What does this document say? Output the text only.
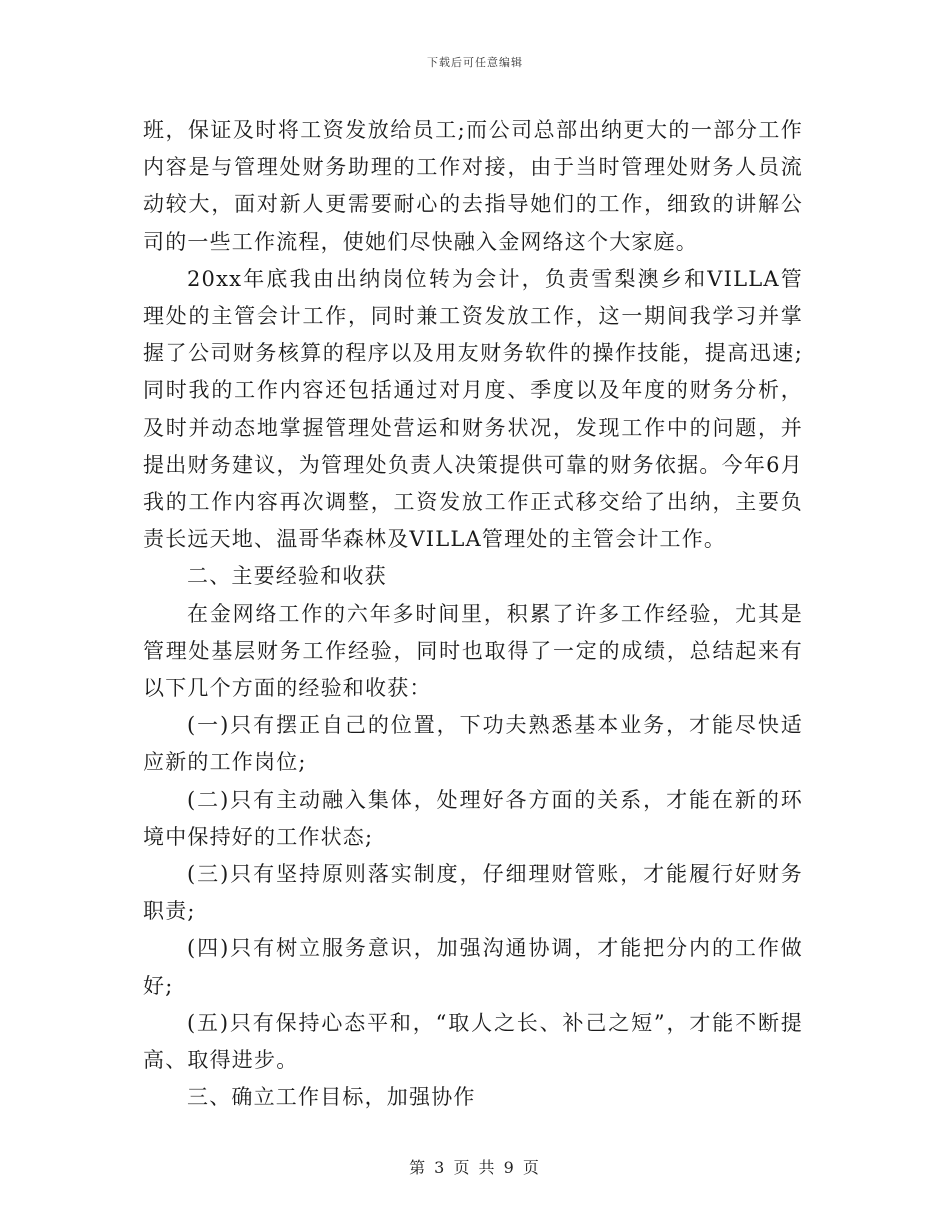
下载后可任意编辑

班，保证及时将工资发放给员工;而公司总部出纳更大的一部分工作内容是与管理处财务助理的工作对接，由于当时管理处财务人员流动较大，面对新人更需要耐心的去指导她们的工作，细致的讲解公司的一些工作流程，使她们尽快融入金网络这个大家庭。

20xx年底我由出纳岗位转为会计，负责雪梨澳乡和VILLA管理处的主管会计工作，同时兼工资发放工作，这一期间我学习并掌握了公司财务核算的程序以及用友财务软件的操作技能，提高迅速;同时我的工作内容还包括通过对月度、季度以及年度的财务分析，及时并动态地掌握管理处营运和财务状况，发现工作中的问题，并提出财务建议，为管理处负责人决策提供可靠的财务依据。今年6月我的工作内容再次调整，工资发放工作正式移交给了出纳，主要负责长远天地、温哥华森林及VILLA管理处的主管会计工作。

二、主要经验和收获

在金网络工作的六年多时间里，积累了许多工作经验，尤其是管理处基层财务工作经验，同时也取得了一定的成绩，总结起来有以下几个方面的经验和收获：

(一)只有摆正自己的位置，下功夫熟悉基本业务，才能尽快适应新的工作岗位;

(二)只有主动融入集体，处理好各方面的关系，才能在新的环境中保持好的工作状态;

(三)只有坚持原则落实制度，仔细理财管账，才能履行好财务职责;

(四)只有树立服务意识，加强沟通协调，才能把分内的工作做好;

(五)只有保持心态平和，“取人之长、补己之短”，才能不断提高、取得进步。

三、确立工作目标，加强协作

第 3 页 共 9 页
